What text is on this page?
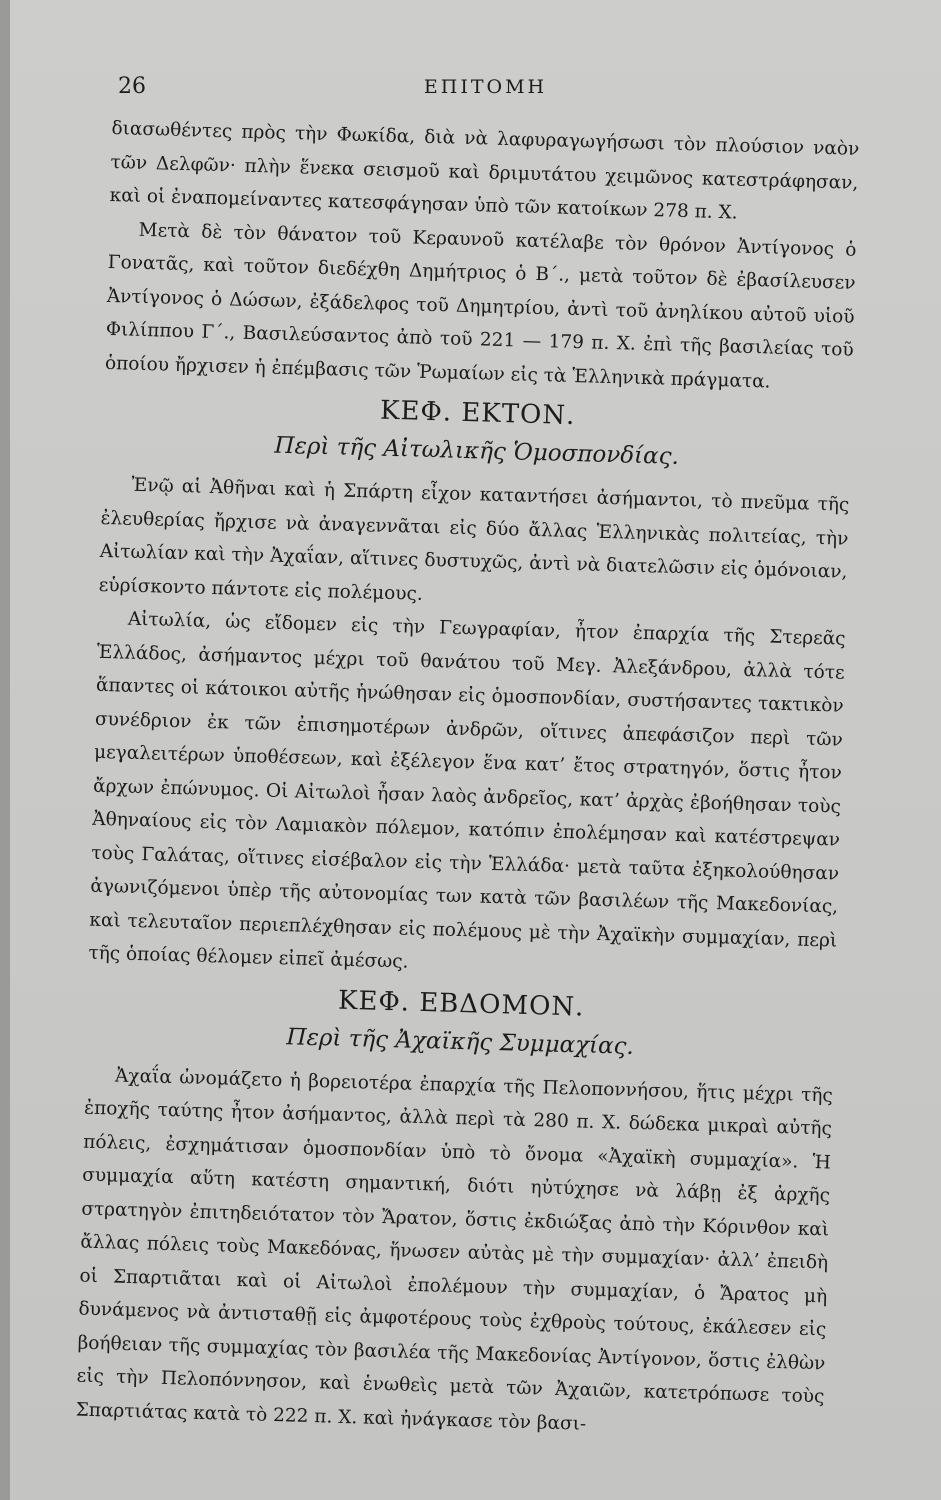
26	ΕΠΙΤΟΜΗ

διασωθέντες πρὸς τὴν Φωκίδα, διὰ νὰ λαφυραγωγήσωσι τὸν πλούσιον ναὸν τῶν Δελφῶν· πλὴν ἕνεκα σεισμοῦ καὶ δριμυτάτου χειμῶνος κατεστράφησαν, καὶ οἱ ἐναπομείναντες κατεσφάγησαν ὑπὸ τῶν κατοίκων 278 π. Χ.

Μετὰ δὲ τὸν θάνατον τοῦ Κεραυνοῦ κατέλαβε τὸν θρόνον Ἀντίγονος ὁ Γονατᾶς, καὶ τοῦτον διεδέχθη Δημήτριος ὁ Β΄., μετὰ τοῦτον δὲ ἐβασίλευσεν Ἀντίγονος ὁ Δώσων, ἐξάδελφος τοῦ Δημητρίου, ἀντὶ τοῦ ἀνηλίκου αὐτοῦ υἱοῦ Φιλίππου Γ΄., Βασιλεύσαντος ἀπὸ τοῦ 221 — 179 π. Χ. ἐπὶ τῆς βασιλείας τοῦ ὁποίου ἤρχισεν ἡ ἐπέμβασις τῶν Ῥωμαίων εἰς τὰ Ἑλληνικὰ πράγματα.

ΚΕΦ. ΕΚΤΟΝ.
Περὶ τῆς Αἰτωλικῆς Ὁμοσπονδίας.

Ἐνῷ αἱ Ἀθῆναι καὶ ἡ Σπάρτη εἶχον καταντήσει ἀσήμαντοι, τὸ πνεῦμα τῆς ἐλευθερίας ἤρχισε νὰ ἀναγεννᾶται εἰς δύο ἄλλας Ἑλληνικὰς πολιτείας, τὴν Αἰτωλίαν καὶ τὴν Ἀχαΐαν, αἵτινες δυστυχῶς, ἀντὶ νὰ διατελῶσιν εἰς ὁμόνοιαν, εὑρίσκοντο πάντοτε εἰς πολέμους.

Αἰτωλία, ὡς εἴδομεν εἰς τὴν Γεωγραφίαν, ἦτον ἐπαρχία τῆς Στερεᾶς Ἑλλάδος, ἀσήμαντος μέχρι τοῦ θανάτου τοῦ Μεγ. Ἀλεξάνδρου, ἀλλὰ τότε ἅπαντες οἱ κάτοικοι αὐτῆς ἡνώθησαν εἰς ὁμοσπονδίαν, συστήσαντες τακτικὸν συνέδριον ἐκ τῶν ἐπισημοτέρων ἀνδρῶν, οἵτινες ἀπεφάσιζον περὶ τῶν μεγαλειτέρων ὑποθέσεων, καὶ ἐξέλεγον ἕνα κατ’ ἔτος στρατηγόν, ὅστις ἦτον ἄρχων ἐπώνυμος. Οἱ Αἰτωλοὶ ἦσαν λαὸς ἀνδρεῖος, κατ’ ἀρχὰς ἐβοήθησαν τοὺς Ἀθηναίους εἰς τὸν Λαμιακὸν πόλεμον, κατόπιν ἐπολέμησαν καὶ κατέστρεψαν τοὺς Γαλάτας, οἵτινες εἰσέβαλον εἰς τὴν Ἑλλάδα· μετὰ ταῦτα ἐξηκολούθησαν ἀγωνιζόμενοι ὑπὲρ τῆς αὐτονομίας των κατὰ τῶν βασιλέων τῆς Μακεδονίας, καὶ τελευταῖον περιεπλέχθησαν εἰς πολέμους μὲ τὴν Ἀχαϊκὴν συμμαχίαν, περὶ τῆς ὁποίας θέλομεν εἰπεῖ ἀμέσως.

ΚΕΦ. ΕΒΔΟΜΟΝ.
Περὶ τῆς Ἀχαϊκῆς Συμμαχίας.

Ἀχαΐα ὠνομάζετο ἡ βορειοτέρα ἐπαρχία τῆς Πελοποννήσου, ἥτις μέχρι τῆς ἐποχῆς ταύτης ἦτον ἀσήμαντος, ἀλλὰ περὶ τὰ 280 π. Χ. δώδεκα μικραὶ αὐτῆς πόλεις, ἐσχημάτισαν ὁμοσπονδίαν ὑπὸ τὸ ὄνομα «Ἀχαϊκὴ συμμαχία». Ἡ συμμαχία αὕτη κατέστη σημαντική, διότι ηὐτύχησε νὰ λάβῃ ἐξ ἀρχῆς στρατηγὸν ἐπιτηδειότατον τὸν Ἄρατον, ὅστις ἐκδιώξας ἀπὸ τὴν Κόρινθον καὶ ἄλλας πόλεις τοὺς Μακεδόνας, ἥνωσεν αὐτὰς μὲ τὴν συμμαχίαν· ἀλλ’ ἐπειδὴ οἱ Σπαρτιᾶται καὶ οἱ Αἰτωλοὶ ἐπολέμουν τὴν συμμαχίαν, ὁ Ἄρατος μὴ δυνάμενος νὰ ἀντισταθῇ εἰς ἀμφοτέρους τοὺς ἐχθροὺς τούτους, ἐκάλεσεν εἰς βοήθειαν τῆς συμμαχίας τὸν βασιλέα τῆς Μακεδονίας Ἀντίγονον, ὅστις ἐλθὼν εἰς τὴν Πελοπόννησον, καὶ ἑνωθεὶς μετὰ τῶν Ἀχαιῶν, κατετρόπωσε τοὺς Σπαρτιάτας κατὰ τὸ 222 π. Χ. καὶ ἠνάγκασε τὸν βασι-
